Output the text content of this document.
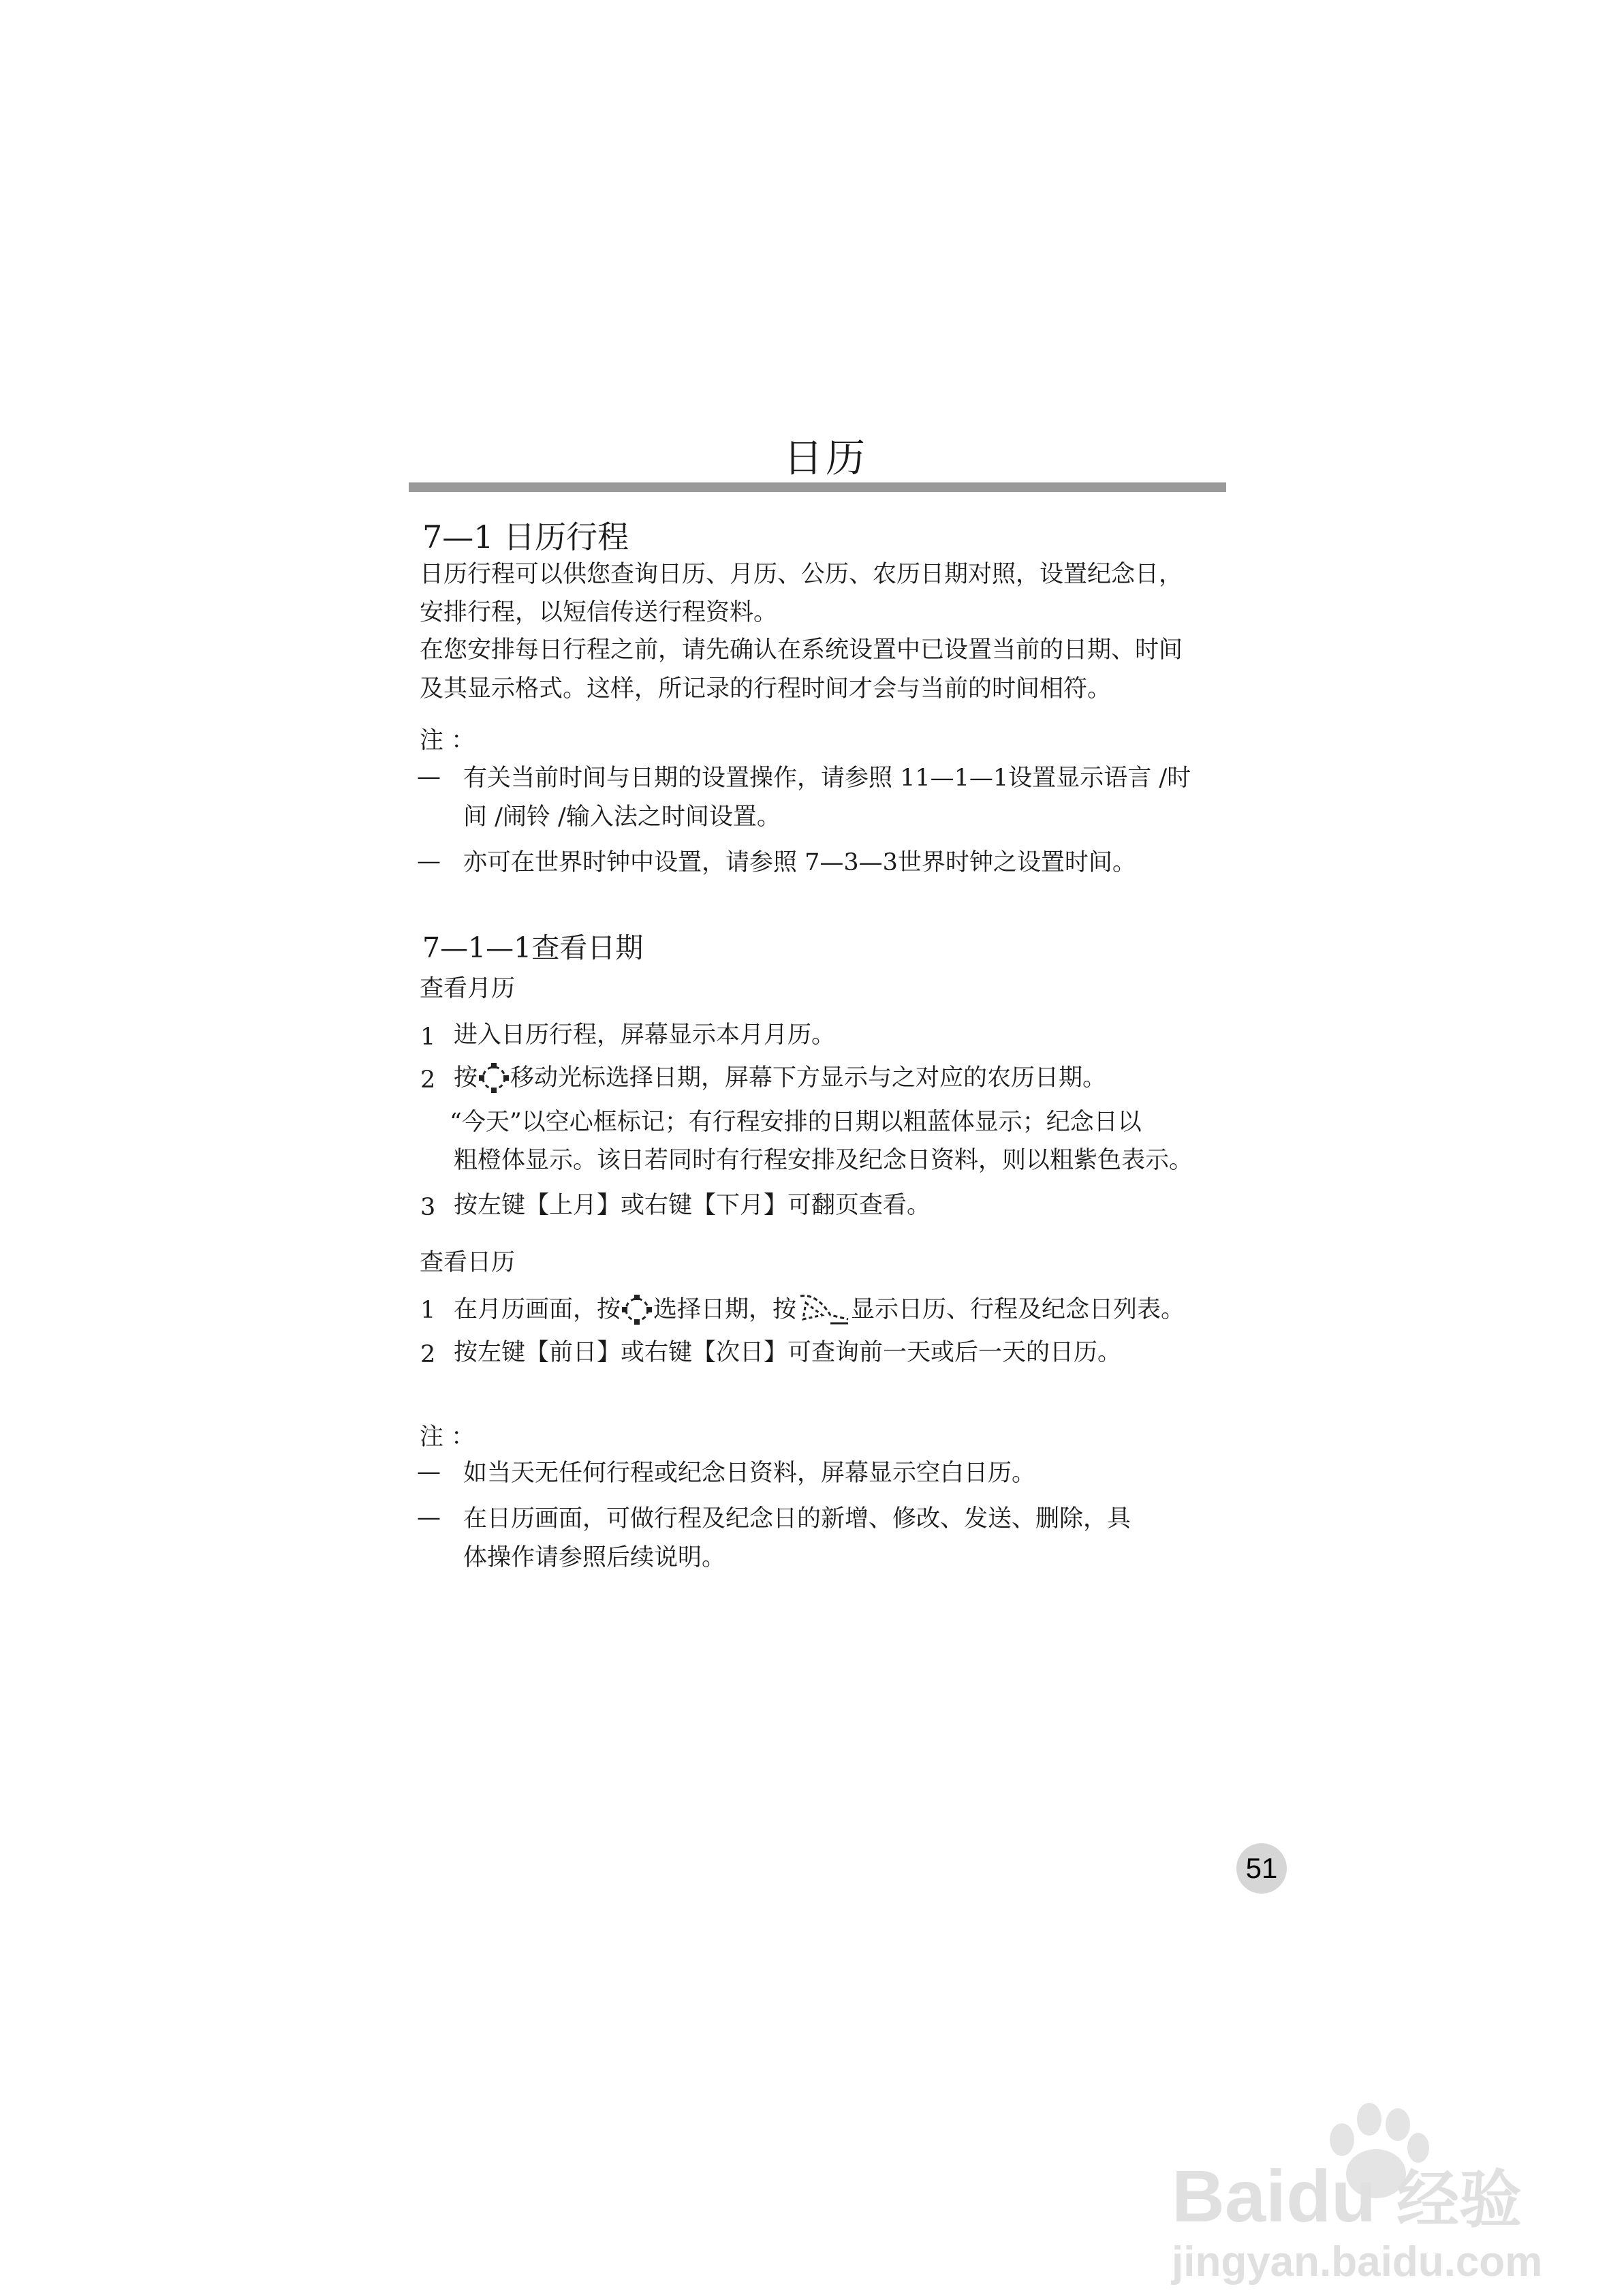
日历
7—1 日历行程
日历行程可以供您查询日历、月历、公历、农历日期对照，设置纪念日，
安排行程，以短信传送行程资料。
在您安排每日行程之前，请先确认在系统设置中已设置当前的日期、时间
及其显示格式。这样，所记录的行程时间才会与当前的时间相符。
注 ：
— 有关当前时间与日期的设置操作，请参照 11—1—1设置显示语言 /时
间 /闹铃 /输入法之时间设置。
— 亦可在世界时钟中设置，请参照 7—3—3世界时钟之设置时间。
7—1—1查看日期
查看月历
1 进入日历行程，屏幕显示本月月历。
2 按 移动光标选择日期，屏幕下方显示与之对应的农历日期。
“今天”以空心框标记；有行程安排的日期以粗蓝体显示；纪念日以
粗橙体显示。该日若同时有行程安排及纪念日资料，则以粗紫色表示。
3 按左键【上月】或右键【下月】可翻页查看。
查看日历
1 在月历画面，按 选择日期，按 显示日历、行程及纪念日列表。
2 按左键【前日】或右键【次日】可查询前一天或后一天的日历。
注 ：
— 如当天无任何行程或纪念日资料，屏幕显示空白日历。
— 在日历画面，可做行程及纪念日的新增、修改、发送、删除，具
体操作请参照后续说明。
51
Baidu 经验
jingyan.baidu.com
